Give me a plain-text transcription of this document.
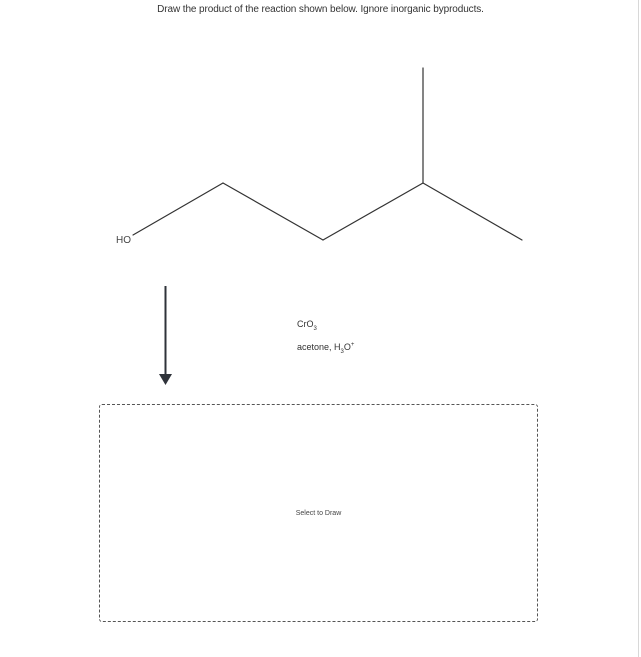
Draw the product of the reaction shown below. Ignore inorganic byproducts.
HO
CrO$_3$
acetone, $H_3O^+$
Select to Draw
